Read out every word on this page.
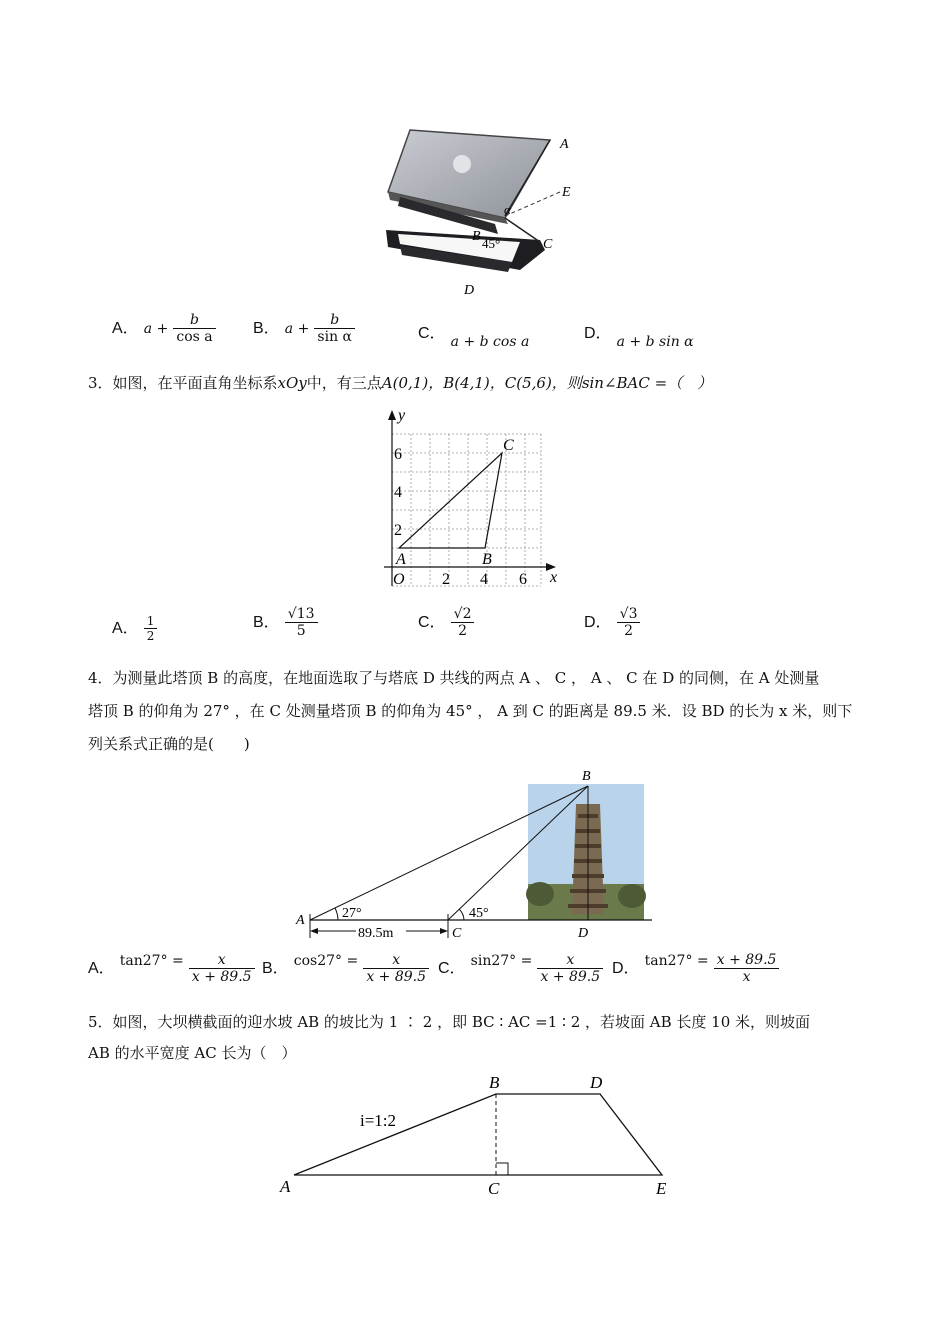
A
E
α
B 45°	C
D
A． $a + \frac{b}{\text{cos a}}$ B． $a + \frac{b}{\text{sin α}}$	C． a + b cos a	D． a + b sin α
3．如图，在平面直角坐标系xOy中，有三点A(0,1)，B(4,1)，C(5,6)，则sin∠BAC =（　）
y
x
O 2 4 6
2
4
6
A	B
C
A． $\frac{1}{2}$	B． $\frac{√13}{5}$	C． $\frac{√2}{2}$	D． $\frac{√3}{2}$
4．为测量此塔顶 B 的高度，在地面选取了与塔底 D 共线的两点 A 、 C ， A 、 C 在 D 的同侧，在 A 处测量
塔顶 B 的仰角为 27° ，在 C 处测量塔顶 B 的仰角为 45° ， A 到 C 的距离是 89.5 米．设 BD 的长为 x 米，则下
列关系式正确的是(　　)
89.5m
B
A
C	D
27°	45°
A． $\tan 27^\circ = \frac{x}{x + 89.5}$ B． $\cos 27^\circ = \frac{x}{x + 89.5}$ C． $\sin 27^\circ = \frac{x}{x + 89.5}$ D． $\tan 27^\circ = \frac{x + 89.5}{x}$
5．如图，大坝横截面的迎水坡 AB 的坡比为 1 ∶ 2 ，即 BC ∶ AC =1 ∶ 2 ，若坡面 AB 长度 10 米，则坡面
AB 的水平宽度 AC 长为（　）
B	D
A	C	E
i=1:2
